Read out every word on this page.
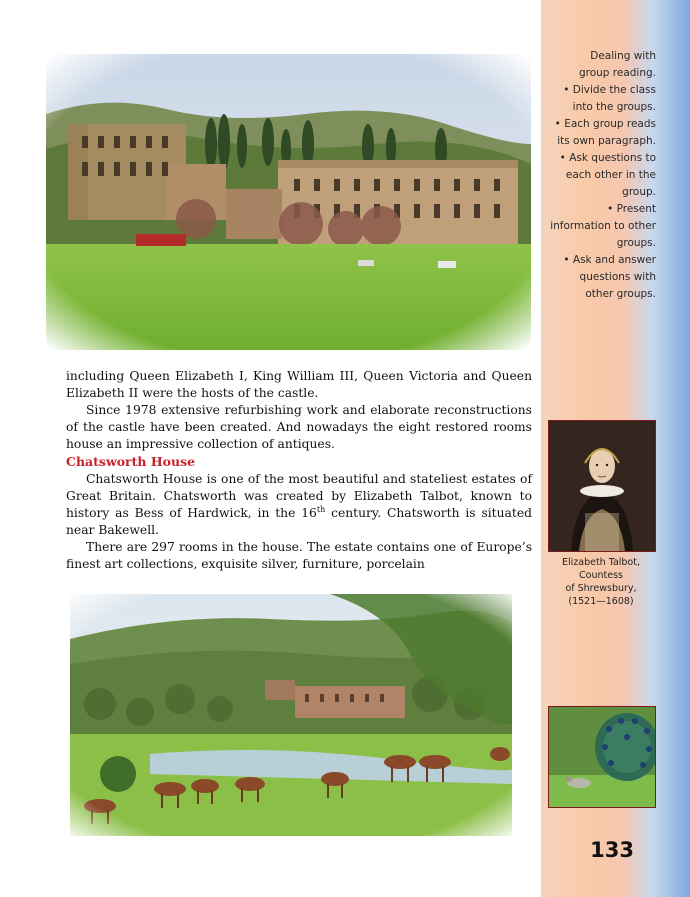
Dealing with
group reading.
• Divide the class
into the groups.
• Each group reads
its own paragraph.
• Ask questions to
each other in the
group.
• Present
information to other
groups.
• Ask and answer
questions with
other groups.

including Queen Elizabeth I, King William III, Queen Victoria and Queen Elizabeth II were the hosts of the castle.

Since 1978 extensive refurbishing work and elaborate reconstructions of the castle have been created. And nowadays the eight restored rooms house an impressive collection of antiques.

Chatsworth House

Chatsworth House is one of the most beautiful and stateliest estates of Great Britain. Chatsworth was created by Elizabeth Talbot, known to history as Bess of Hardwick, in the 16th century. Chatsworth is situated near Bakewell.

There are 297 rooms in the house. The estate contains one of Europe’s finest art collections, exquisite silver, furniture, porcelain	Elizabeth Talbot,
Countess
of Shrewsbury,
(1521—1608)
133
